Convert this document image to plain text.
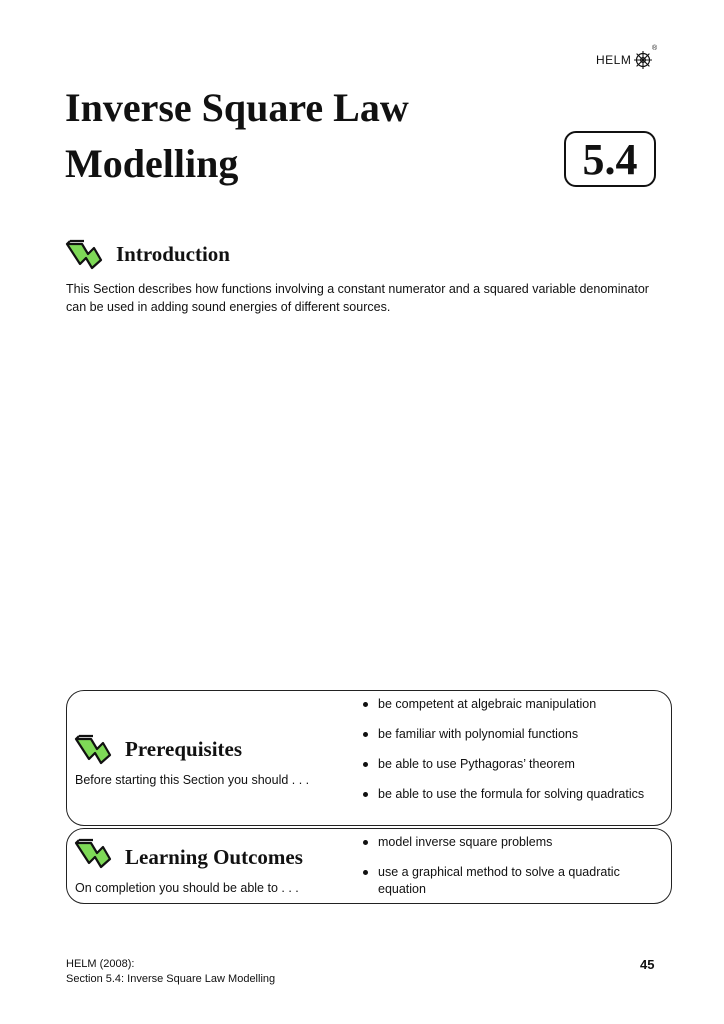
HELM
®
Inverse Square Law
Modelling	5.4
Introduction
This Section describes how functions involving a constant numerator and a squared variable denominator can be used in adding sound energies of different sources.
Prerequisites
Before starting this Section you should . . .
be competent at algebraic manipulation
be familiar with polynomial functions
be able to use Pythagoras’ theorem
be able to use the formula for solving quadratics
Learning Outcomes
On completion you should be able to . . .
model inverse square problems
use a graphical method to solve a quadratic equation
HELM (2008):
Section 5.4: Inverse Square Law Modelling
45
